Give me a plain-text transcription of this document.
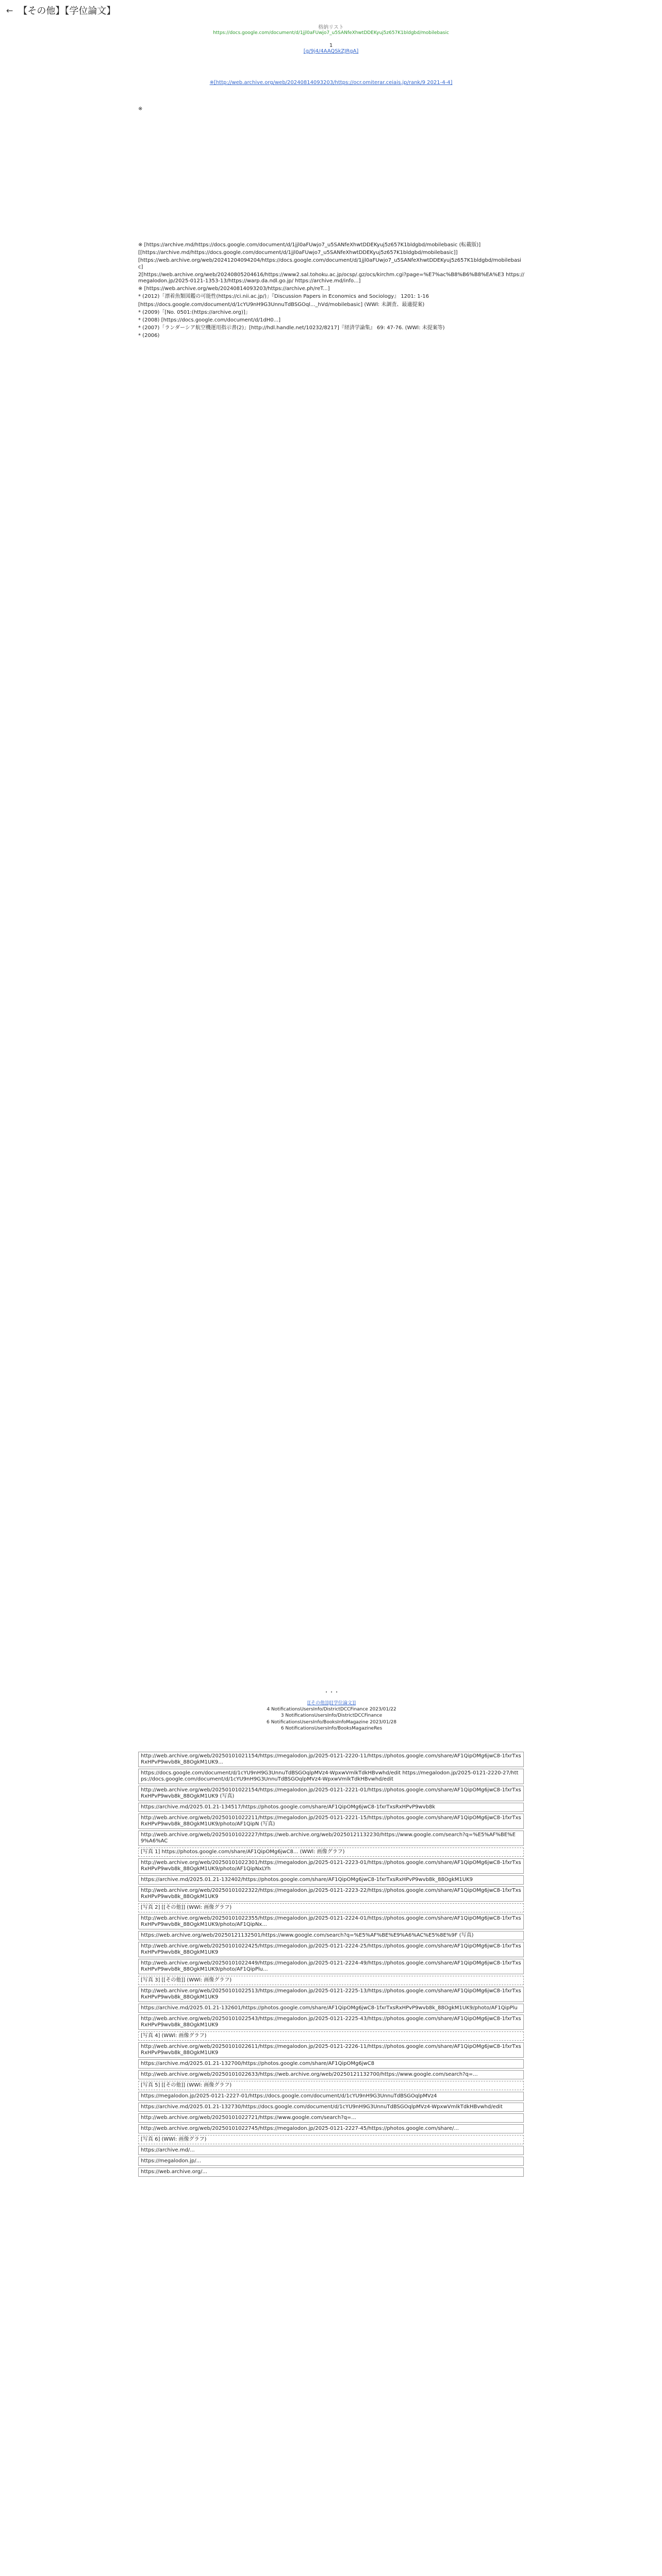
← 【その他】【学位論文】
格納リスト
https://docs.google.com/document/d/1jjl0aFUwjo7_u5SANfeXhwtDDEKyuj5z657K1bldgbd/mobilebasic
1
[g/9j4/4AAQSkZJRgA]
※[http://web.archive.org/web/20240814093203/https://ocr.omiterar.ceiais.jp/rank/9 2021-4-4]
※

※ [https://archive.md/https://docs.google.com/document/d/1jjl0aFUwjo7_u5SANfeXhwtDDEKyuj5z657K1bldgbd/mobilebasic (転載版)]

[[https://archive.md/https://docs.google.com/document/d/1jjl0aFUwjo7_u5SANfeXhwtDDEKyuj5z657K1bldgbd/mobilebasic]]

[https://web.archive.org/web/20241204094204/https://docs.google.com/document/d/1jjl0aFUwjo7_u5SANfeXhwtDDEKyuj5z657K1bldgbd/mobilebasic]

2[https://web.archive.org/web/20240805204616/https://www2.sal.tohoku.ac.jp/ocsp/.gz/ocs/kirchm.cgi?page=%E7%ac%B8%B6%B8%EA%E3 https://megalodon.jp/2025-0121-1353-13/https://warp.da.ndl.go.jp/ https://archive.md/info...]

※ [https://web.archive.org/web/20240814093203/https://archive.ph/reT...]

* (2012)「漂着魚類図鑑の可能性(https://ci.nii.ac.jp/)」『Discussion Papers in Economics and Sociology』 1201: 1-16

[https://docs.google.com/document/d/1cYU9nH9G3UnnuTdBSGOql..._hVd/mobilebasic] (WWl: 未調査、最適提案)

* (2009)「[No. 0501:(https://archive.org)]」

* (2008) [https://docs.google.com/document/d/1dH0...]

* (2007)「ランダーシア航空機運用指示書(2)」[http://hdl.handle.net/10232/8217]『経済学論集』 69: 47-76. (WWl: 未提案等)

* (2006)

・・・
[[その他]]|[[学位論文]]
4 NotificationsUsersInfo/DistrictDCCFinance 2023/01/22
3 NotificationsUsersInfo/DistrictDCCFinance
6 NotificationsUsersInfo/BooksInfoMagazine 2023/01/28
6 NotificationsUsersInfo/BooksMagazineRes
http://web.archive.org/web/20250101021154/https://megalodon.jp/2025-0121-2220-11/https://photos.google.com/share/AF1QipOMg6jwC8-1fxrTxsRxHPvP9wvb8k_88OgkM1UK9...
https://docs.google.com/document/d/1cYU9nH9G3UnnuTdBSGOqlpMVz4-WpxwVmlkTdkHBvwhd/edit https://megalodon.jp/2025-0121-2220-27/https://docs.google.com/document/d/1cYU9nH9G3UnnuTdBSGOqlpMVz4-WpxwVmlkTdkHBvwhd/edit
http://web.archive.org/web/20250101022154/https://megalodon.jp/2025-0121-2221-01/https://photos.google.com/share/AF1QipOMg6jwC8-1fxrTxsRxHPvP9wvb8k_88OgkM1UK9 (写真)
https://archive.md/2025.01.21-134517/https://photos.google.com/share/AF1QipOMg6jwC8-1fxrTxsRxHPvP9wvb8k
http://web.archive.org/web/20250101022211/https://megalodon.jp/2025-0121-2221-15/https://photos.google.com/share/AF1QipOMg6jwC8-1fxrTxsRxHPvP9wvb8k_88OgkM1UK9/photo/AF1QipN (写真)
http://web.archive.org/web/20250101022227/https://web.archive.org/web/20250121132230/https://www.google.com/search?q=%E5%AF%BE%E9%A6%AC
[写真 1] https://photos.google.com/share/AF1QipOMg6jwC8... (WWl: 画像グラフ)
http://web.archive.org/web/20250101022301/https://megalodon.jp/2025-0121-2223-01/https://photos.google.com/share/AF1QipOMg6jwC8-1fxrTxsRxHPvP9wvb8k_88OgkM1UK9/photo/AF1QipNxLYh
https://archive.md/2025.01.21-132402/https://photos.google.com/share/AF1QipOMg6jwC8-1fxrTxsRxHPvP9wvb8k_88OgkM1UK9
http://web.archive.org/web/20250101022322/https://megalodon.jp/2025-0121-2223-22/https://photos.google.com/share/AF1QipOMg6jwC8-1fxrTxsRxHPvP9wvb8k_88OgkM1UK9
[写真 2] [[その他]] (WWl: 画像グラフ)
http://web.archive.org/web/20250101022355/https://megalodon.jp/2025-0121-2224-01/https://photos.google.com/share/AF1QipOMg6jwC8-1fxrTxsRxHPvP9wvb8k_88OgkM1UK9/photo/AF1QipNx...
https://web.archive.org/web/20250121132501/https://www.google.com/search?q=%E5%AF%BE%E9%A6%AC%E5%8E%9F (写真)
http://web.archive.org/web/20250101022425/https://megalodon.jp/2025-0121-2224-25/https://photos.google.com/share/AF1QipOMg6jwC8-1fxrTxsRxHPvP9wvb8k_88OgkM1UK9
http://web.archive.org/web/20250101022449/https://megalodon.jp/2025-0121-2224-49/https://photos.google.com/share/AF1QipOMg6jwC8-1fxrTxsRxHPvP9wvb8k_88OgkM1UK9/photo/AF1QipPlu...
[写真 3] [[その他]] (WWl: 画像グラフ)
http://web.archive.org/web/20250101022513/https://megalodon.jp/2025-0121-2225-13/https://photos.google.com/share/AF1QipOMg6jwC8-1fxrTxsRxHPvP9wvb8k_88OgkM1UK9
https://archive.md/2025.01.21-132601/https://photos.google.com/share/AF1QipOMg6jwC8-1fxrTxsRxHPvP9wvb8k_88OgkM1UK9/photo/AF1QipPlu
http://web.archive.org/web/20250101022543/https://megalodon.jp/2025-0121-2225-43/https://photos.google.com/share/AF1QipOMg6jwC8-1fxrTxsRxHPvP9wvb8k_88OgkM1UK9
[写真 4] (WWl: 画像グラフ)
http://web.archive.org/web/20250101022611/https://megalodon.jp/2025-0121-2226-11/https://photos.google.com/share/AF1QipOMg6jwC8-1fxrTxsRxHPvP9wvb8k_88OgkM1UK9
https://archive.md/2025.01.21-132700/https://photos.google.com/share/AF1QipOMg6jwC8
http://web.archive.org/web/20250101022633/https://web.archive.org/web/20250121132700/https://www.google.com/search?q=...
[写真 5] [[その他]] (WWl: 画像グラフ)
https://megalodon.jp/2025-0121-2227-01/https://docs.google.com/document/d/1cYU9nH9G3UnnuTdBSGOqlpMVz4
https://archive.md/2025.01.21-132730/https://docs.google.com/document/d/1cYU9nH9G3UnnuTdBSGOqlpMVz4-WpxwVmlkTdkHBvwhd/edit
http://web.archive.org/web/20250101022721/https://www.google.com/search?q=...
http://web.archive.org/web/20250101022745/https://megalodon.jp/2025-0121-2227-45/https://photos.google.com/share/...
[写真 6] (WWl: 画像グラフ)
https://archive.md/...
https://megalodon.jp/...
https://web.archive.org/...
